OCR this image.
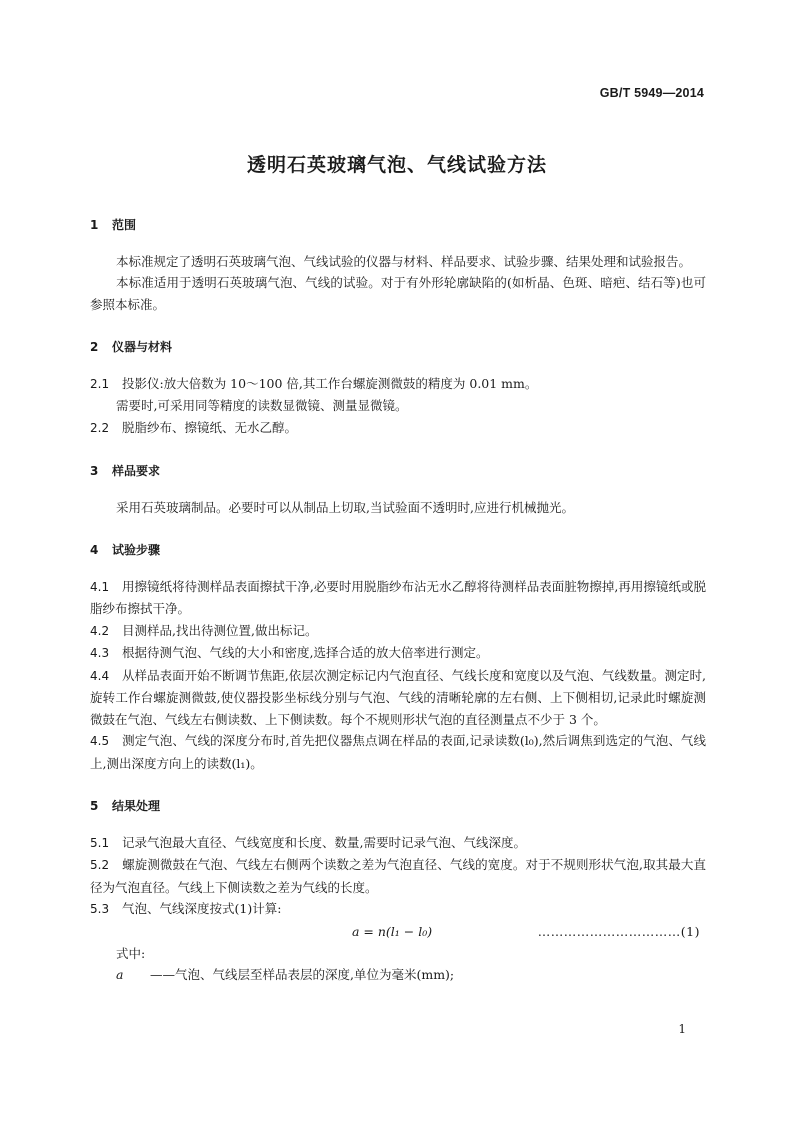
GB/T 5949—2014
透明石英玻璃气泡、气线试验方法

1 范围

本标准规定了透明石英玻璃气泡、气线试验的仪器与材料、样品要求、试验步骤、结果处理和试验报告。

本标准适用于透明石英玻璃气泡、气线的试验。对于有外形轮廓缺陷的(如析晶、色斑、暗疤、结石等)也可参照本标准。

2 仪器与材料

2.1 投影仪:放大倍数为 10～100 倍,其工作台螺旋测微鼓的精度为 0.01 mm。

需要时,可采用同等精度的读数显微镜、测量显微镜。

2.2 脱脂纱布、擦镜纸、无水乙醇。

3 样品要求

采用石英玻璃制品。必要时可以从制品上切取,当试验面不透明时,应进行机械抛光。

4 试验步骤

4.1 用擦镜纸将待测样品表面擦拭干净,必要时用脱脂纱布沾无水乙醇将待测样品表面脏物擦掉,再用擦镜纸或脱脂纱布擦拭干净。

4.2 目测样品,找出待测位置,做出标记。

4.3 根据待测气泡、气线的大小和密度,选择合适的放大倍率进行测定。

4.4 从样品表面开始不断调节焦距,依层次测定标记内气泡直径、气线长度和宽度以及气泡、气线数量。测定时,旋转工作台螺旋测微鼓,使仪器投影坐标线分别与气泡、气线的清晰轮廓的左右侧、上下侧相切,记录此时螺旋测微鼓在气泡、气线左右侧读数、上下侧读数。每个不规则形状气泡的直径测量点不少于 3 个。

4.5 测定气泡、气线的深度分布时,首先把仪器焦点调在样品的表面,记录读数(l₀),然后调焦到选定的气泡、气线上,测出深度方向上的读数(l₁)。

5 结果处理

5.1 记录气泡最大直径、气线宽度和长度、数量,需要时记录气泡、气线深度。

5.2 螺旋测微鼓在气泡、气线左右侧两个读数之差为气泡直径、气线的宽度。对于不规则形状气泡,取其最大直径为气泡直径。气线上下侧读数之差为气线的长度。

5.3 气泡、气线深度按式(1)计算:

a = n(l₁ − l₀)	……………………………(1)

式中:

a ——气泡、气线层至样品表层的深度,单位为毫米(mm);

1
